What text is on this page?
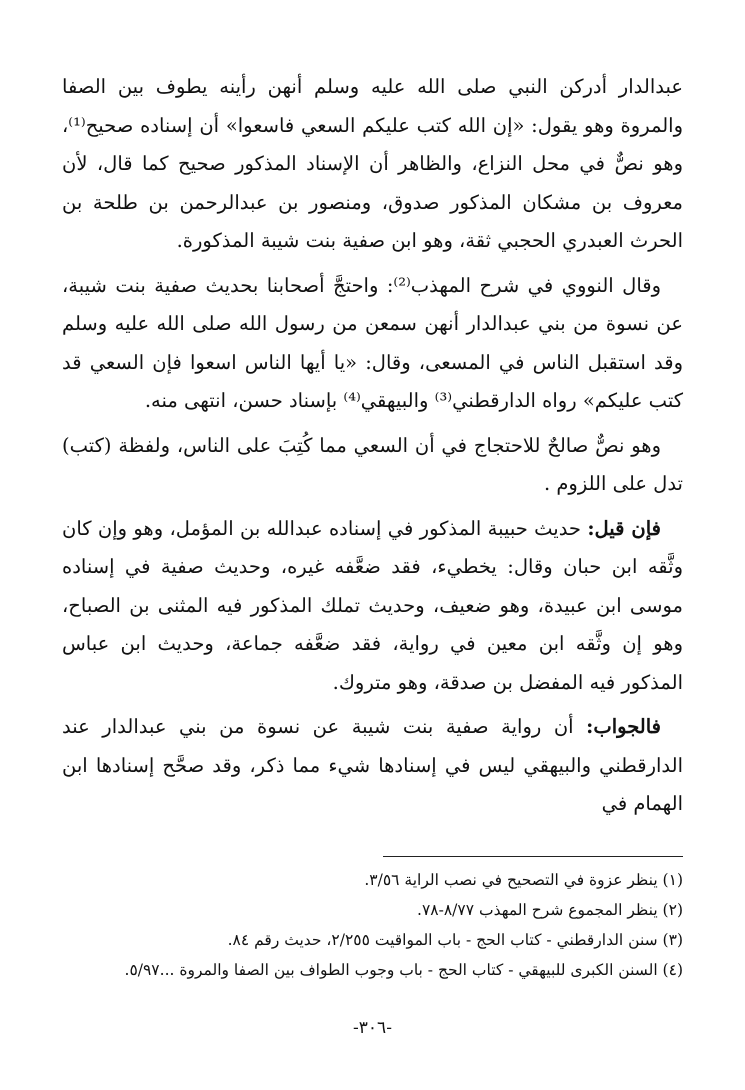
عبدالدار أدركن النبي صلى الله عليه وسلم أنهن رأينه يطوف بين الصفا والمروة وهو يقول: «إن الله كتب عليكم السعي فاسعوا» أن إسناده صحيح⁽¹⁾، وهو نصٌّ في محل النزاع، والظاهر أن الإسناد المذكور صحيح كما قال، لأن معروف بن مشكان المذكور صدوق، ومنصور بن عبدالرحمن بن طلحة بن الحرث العبدري الحجبي ثقة، وهو ابن صفية بنت شيبة المذكورة.

وقال النووي في شرح المهذب⁽²⁾: واحتجَّ أصحابنا بحديث صفية بنت شيبة، عن نسوة من بني عبدالدار أنهن سمعن من رسول الله صلى الله عليه وسلم وقد استقبل الناس في المسعى، وقال: «يا أيها الناس اسعوا فإن السعي قد كتب عليكم» رواه الدارقطني⁽³⁾ والبيهقي⁽⁴⁾ بإسناد حسن، انتهى منه.

وهو نصٌّ صالحٌ للاحتجاج في أن السعي مما كُتِبَ على الناس، ولفظة (كتب) تدل على اللزوم .

فإن قيل: حديث حبيبة المذكور في إسناده عبدالله بن المؤمل، وهو وإن كان وثَّقه ابن حبان وقال: يخطيء، فقد ضعَّفه غيره، وحديث صفية في إسناده موسى ابن عبيدة، وهو ضعيف، وحديث تملك المذكور فيه المثنى بن الصباح، وهو إن وثَّقه ابن معين في رواية، فقد ضعَّفه جماعة، وحديث ابن عباس المذكور فيه المفضل بن صدقة، وهو متروك.

فالجواب: أن رواية صفية بنت شيبة عن نسوة من بني عبدالدار عند الدارقطني والبيهقي ليس في إسنادها شيء مما ذكر، وقد صحَّح إسنادها ابن الهمام في

(١) ينظر عزوة في التصحيح في نصب الراية ٣/٥٦.

(٢) ينظر المجموع شرح المهذب ٨/٧٧-٧٨.

(٣) سنن الدارقطني - كتاب الحج - باب المواقيت ٢/٢٥٥، حديث رقم ٨٤.

(٤) السنن الكبرى للبيهقي - كتاب الحج - باب وجوب الطواف بين الصفا والمروة ...٥/٩٧.

-٣٠٦-
